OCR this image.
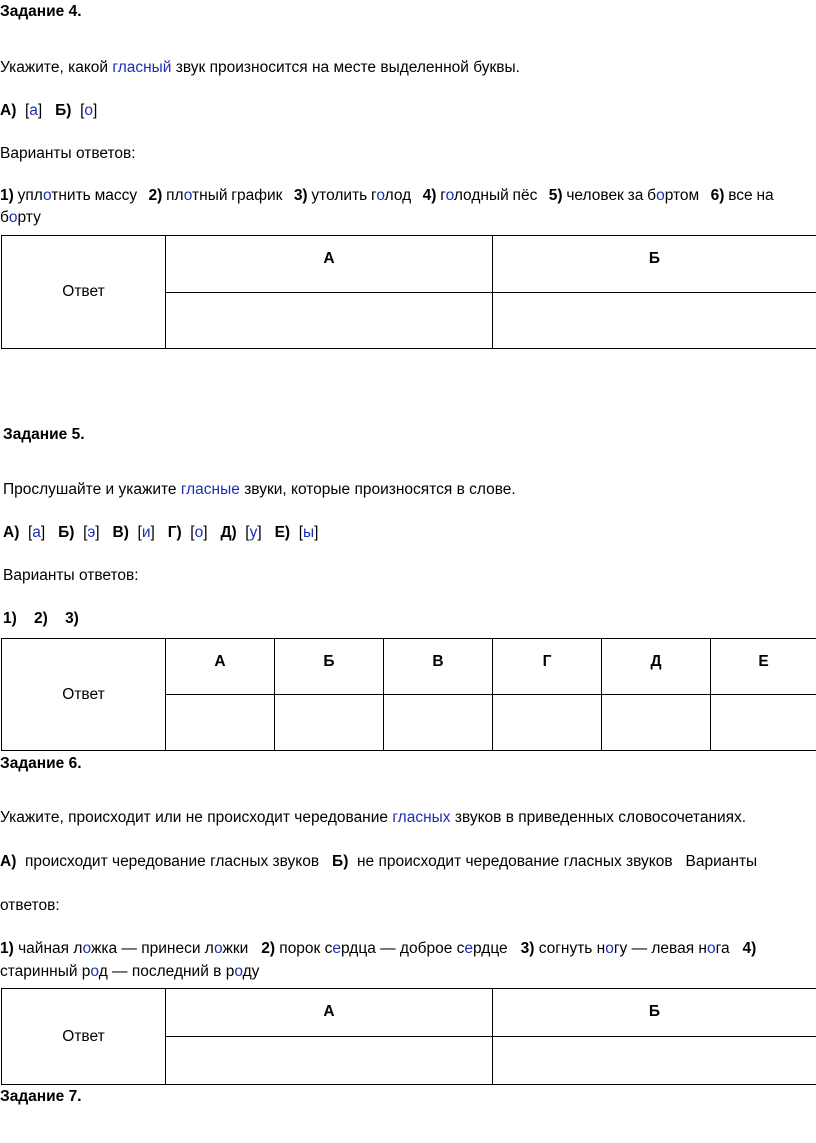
Задание 4.

Укажите, какой гласный звук произносится на месте выделенной буквы.

А)  [а]   Б)  [о]

Варианты ответов:

1) уплотнить массу 2) плотный график 3) утолить голод 4) голодный пёс 5) человек за бортом 6) все на

борту

Ответ	А	Б

Задание 5.

Прослушайте и укажите гласные звуки, которые произносятся в слове.

А)  [а]   Б)  [э]   В)  [и]   Г)  [о]   Д)  [у]   Е)  [ы]

Варианты ответов:

1) 2) 3)

Ответ	А	Б	В	Г	Д	Е

Задание 6.

Укажите, происходит или не происходит чередование гласных звуков в приведенных словосочетаниях.

А) происходит чередование гласных звуков Б) не происходит чередование гласных звуков Варианты

ответов:

1) чайная ложка — принеси ложки 2) порок сердца — доброе сердце 3) согнуть ногу — левая нога 4)

старинный род — последний в роду

Ответ	А	Б

Задание 7.
